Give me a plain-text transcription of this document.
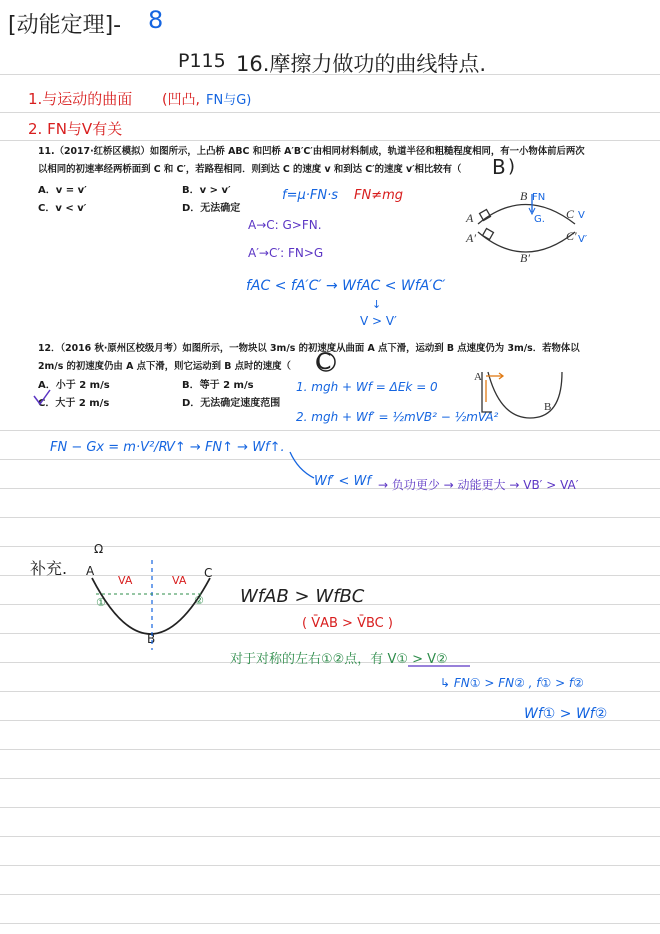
[动能定理]- 8
P115 16.摩擦力做功的曲线特点.
1.与运动的曲面 (凹凸, FN与G)
2. FN与V有关
11.（2017·红桥区模拟）如图所示，上凸桥 ABC 和凹桥 A′B′C′由相同材料制成，轨道半径和粗糙程度相同，有一小物体前后两次
以相同的初速率经两桥面到 C 和 C′，若路程相同．则到达 C 的速度 v 和到达 C′的速度 v′相比较有（ B )
A．v = v′	B．v > v′
C．v < v′	D．无法确定
f=μ·FN·s FN≠mg
A→C: G>FN.
A′→C′: FN>G
fAC < fA′C′ → WfAC < WfA′C′
↓
V > V′
12．（2016 秋·原州区校级月考）如图所示，一物块以 3m/s 的初速度从曲面 A 点下滑，运动到 B 点速度仍为 3m/s．若物体以
2m/s 的初速度仍由 A 点下滑，则它运动到 B 点时的速度（ C
A．小于 2 m/s	B．等于 2 m/s
C．大于 2 m/s	D．无法确定速度范围
1. mgh + Wf = ΔEk = 0
2. mgh + Wf′ = ½mVB² − ½mVA²
FN − Gx = m·V²/R
V↑ → FN↑ → Wf↑.
Wf′ < Wf → 负功更少 → 动能更大 → VB′ > VA′
补充.
Ω
A	C
B
VA	VA
①	② WfAB > WfBC
( V̄AB > V̄BC )
对于对称的左右①②点，有 V① > V②
↳ FN① > FN② , f① > f②
Wf① > Wf②
A
A′
B
B′
C
C′
FN
G.	V
V′
A
B
